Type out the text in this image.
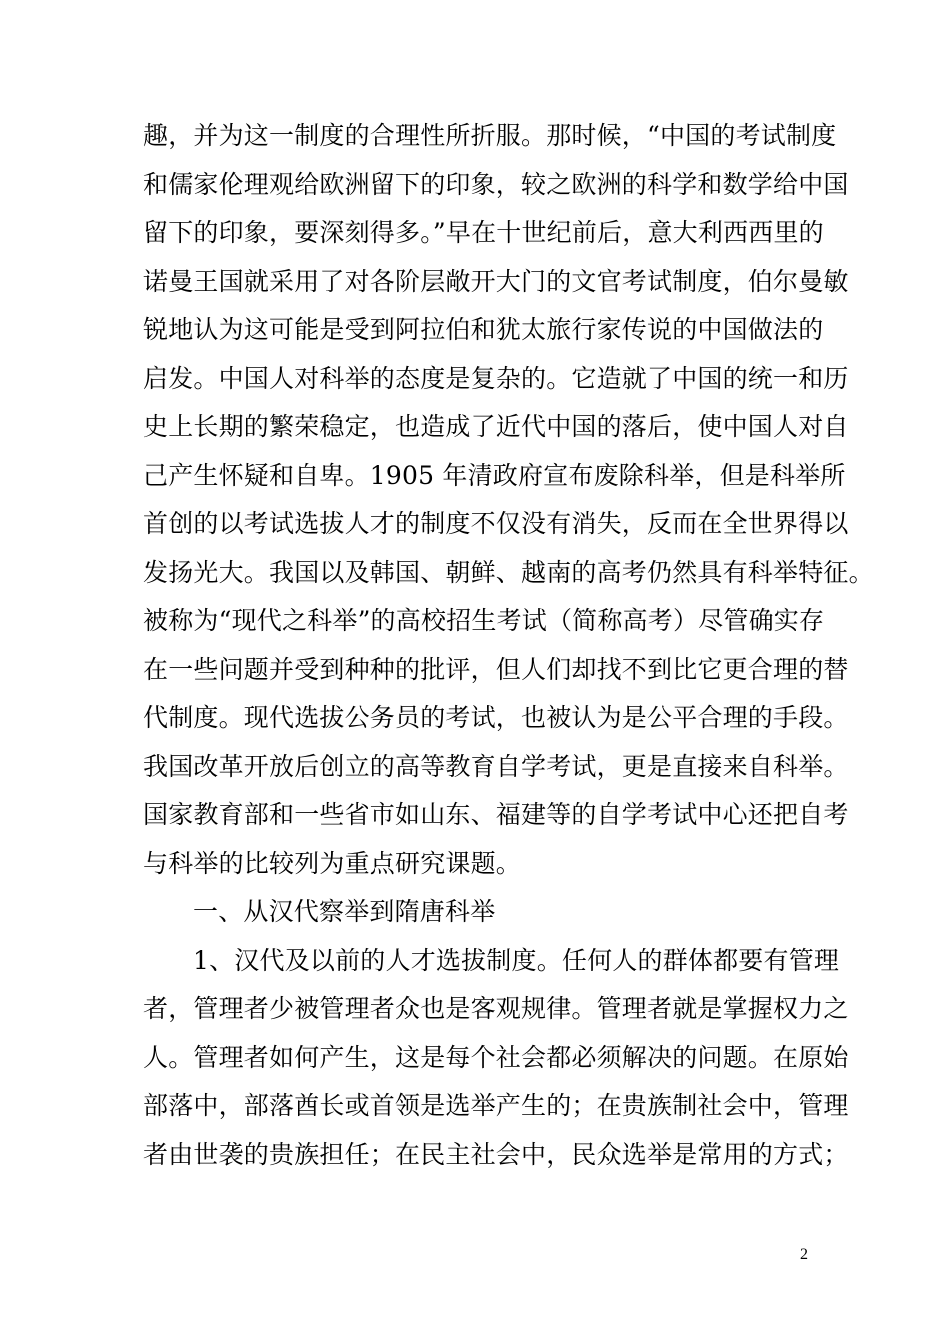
趣，并为这一制度的合理性所折服。那时候，“中国的考试制度
和儒家伦理观给欧洲留下的印象，较之欧洲的科学和数学给中国
留下的印象，要深刻得多。”早在十世纪前后，意大利西西里的
诺曼王国就采用了对各阶层敞开大门的文官考试制度，伯尔曼敏
锐地认为这可能是受到阿拉伯和犹太旅行家传说的中国做法的
启发。中国人对科举的态度是复杂的。它造就了中国的统一和历
史上长期的繁荣稳定，也造成了近代中国的落后，使中国人对自
己产生怀疑和自卑。1905 年清政府宣布废除科举，但是科举所
首创的以考试选拔人才的制度不仅没有消失，反而在全世界得以
发扬光大。我国以及韩国、朝鲜、越南的高考仍然具有科举特征。
被称为“现代之科举”的高校招生考试（简称高考）尽管确实存
在一些问题并受到种种的批评，但人们却找不到比它更合理的替
代制度。现代选拔公务员的考试，也被认为是公平合理的手段。
我国改革开放后创立的高等教育自学考试，更是直接来自科举。
国家教育部和一些省市如山东、福建等的自学考试中心还把自考
与科举的比较列为重点研究课题。
一、从汉代察举到隋唐科举
1、汉代及以前的人才选拔制度。任何人的群体都要有管理
者，管理者少被管理者众也是客观规律。管理者就是掌握权力之
人。管理者如何产生，这是每个社会都必须解决的问题。在原始
部落中，部落酋长或首领是选举产生的；在贵族制社会中，管理
者由世袭的贵族担任；在民主社会中，民众选举是常用的方式；
2
